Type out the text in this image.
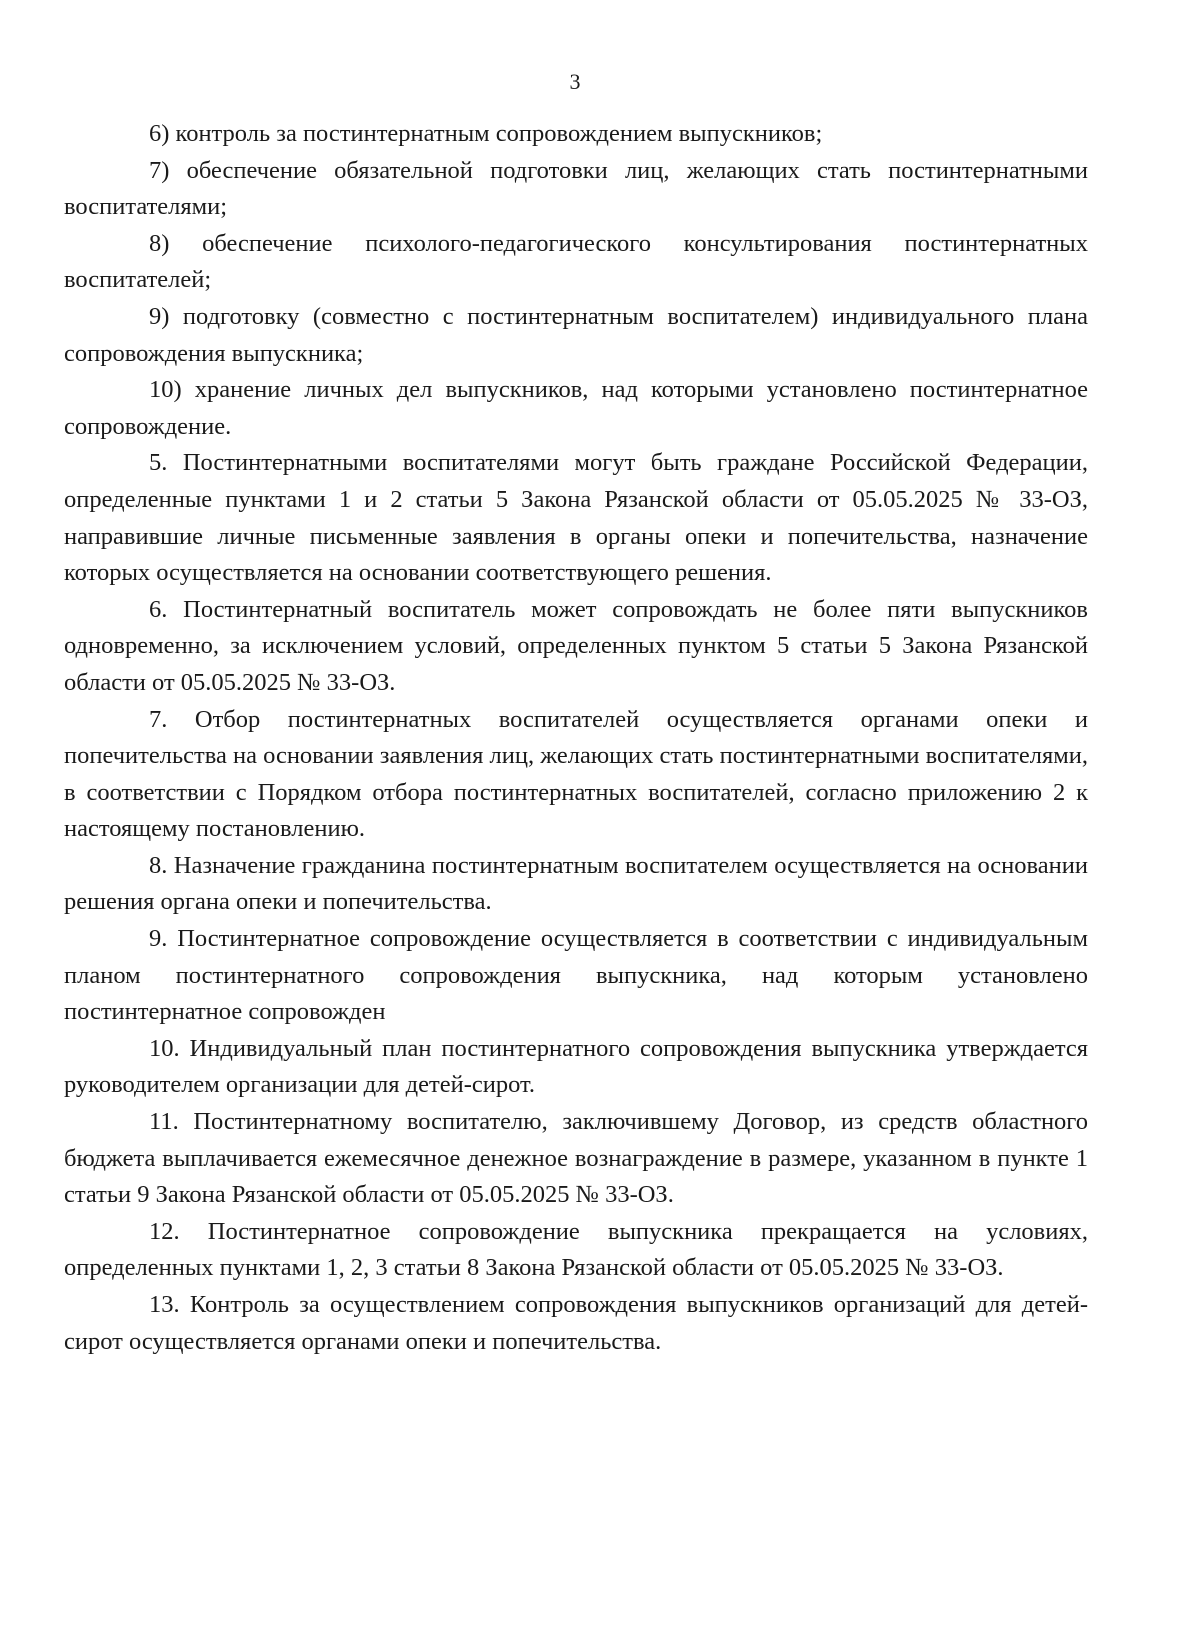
3

6) контроль за постинтернатным сопровождением выпускников;

7) обеспечение обязательной подготовки лиц, желающих стать постинтернатными воспитателями;

8) обеспечение психолого-педагогического консультирования постинтернатных воспитателей;

9) подготовку (совместно с постинтернатным воспитателем) индивидуального плана сопровождения выпускника;

10) хранение личных дел выпускников, над которыми установлено постинтернатное сопровождение.

5. Постинтернатными воспитателями могут быть граждане Российской Федерации, определенные пунктами 1 и 2 статьи 5 Закона Рязанской области от 05.05.2025 № 33-ОЗ, направившие личные письменные заявления в органы опеки и попечительства, назначение которых осуществляется на основании соответствующего решения.

6. Постинтернатный воспитатель может сопровождать не более пяти выпускников одновременно, за исключением условий, определенных пунктом 5 статьи 5 Закона Рязанской области от 05.05.2025 № 33-ОЗ.

7. Отбор постинтернатных воспитателей осуществляется органами опеки и попечительства на основании заявления лиц, желающих стать постинтернатными воспитателями, в соответствии с Порядком отбора постинтернатных воспитателей, согласно приложению 2 к настоящему постановлению.

8. Назначение гражданина постинтернатным воспитателем осуществляется на основании решения органа опеки и попечительства.

9. Постинтернатное сопровождение осуществляется в соответствии с индивидуальным планом постинтернатного сопровождения выпускника, над которым установлено постинтернатное сопровожден

10. Индивидуальный план постинтернатного сопровождения выпускника утверждается руководителем организации для детей-сирот.

11. Постинтернатному воспитателю, заключившему Договор, из средств областного бюджета выплачивается ежемесячное денежное вознаграждение в размере, указанном в пункте 1 статьи 9 Закона Рязанской области от 05.05.2025 № 33-ОЗ.

12. Постинтернатное сопровождение выпускника прекращается на условиях, определенных пунктами 1, 2, 3 статьи 8 Закона Рязанской области от 05.05.2025 № 33-ОЗ.

13. Контроль за осуществлением сопровождения выпускников организаций для детей-сирот осуществляется органами опеки и попечительства.
